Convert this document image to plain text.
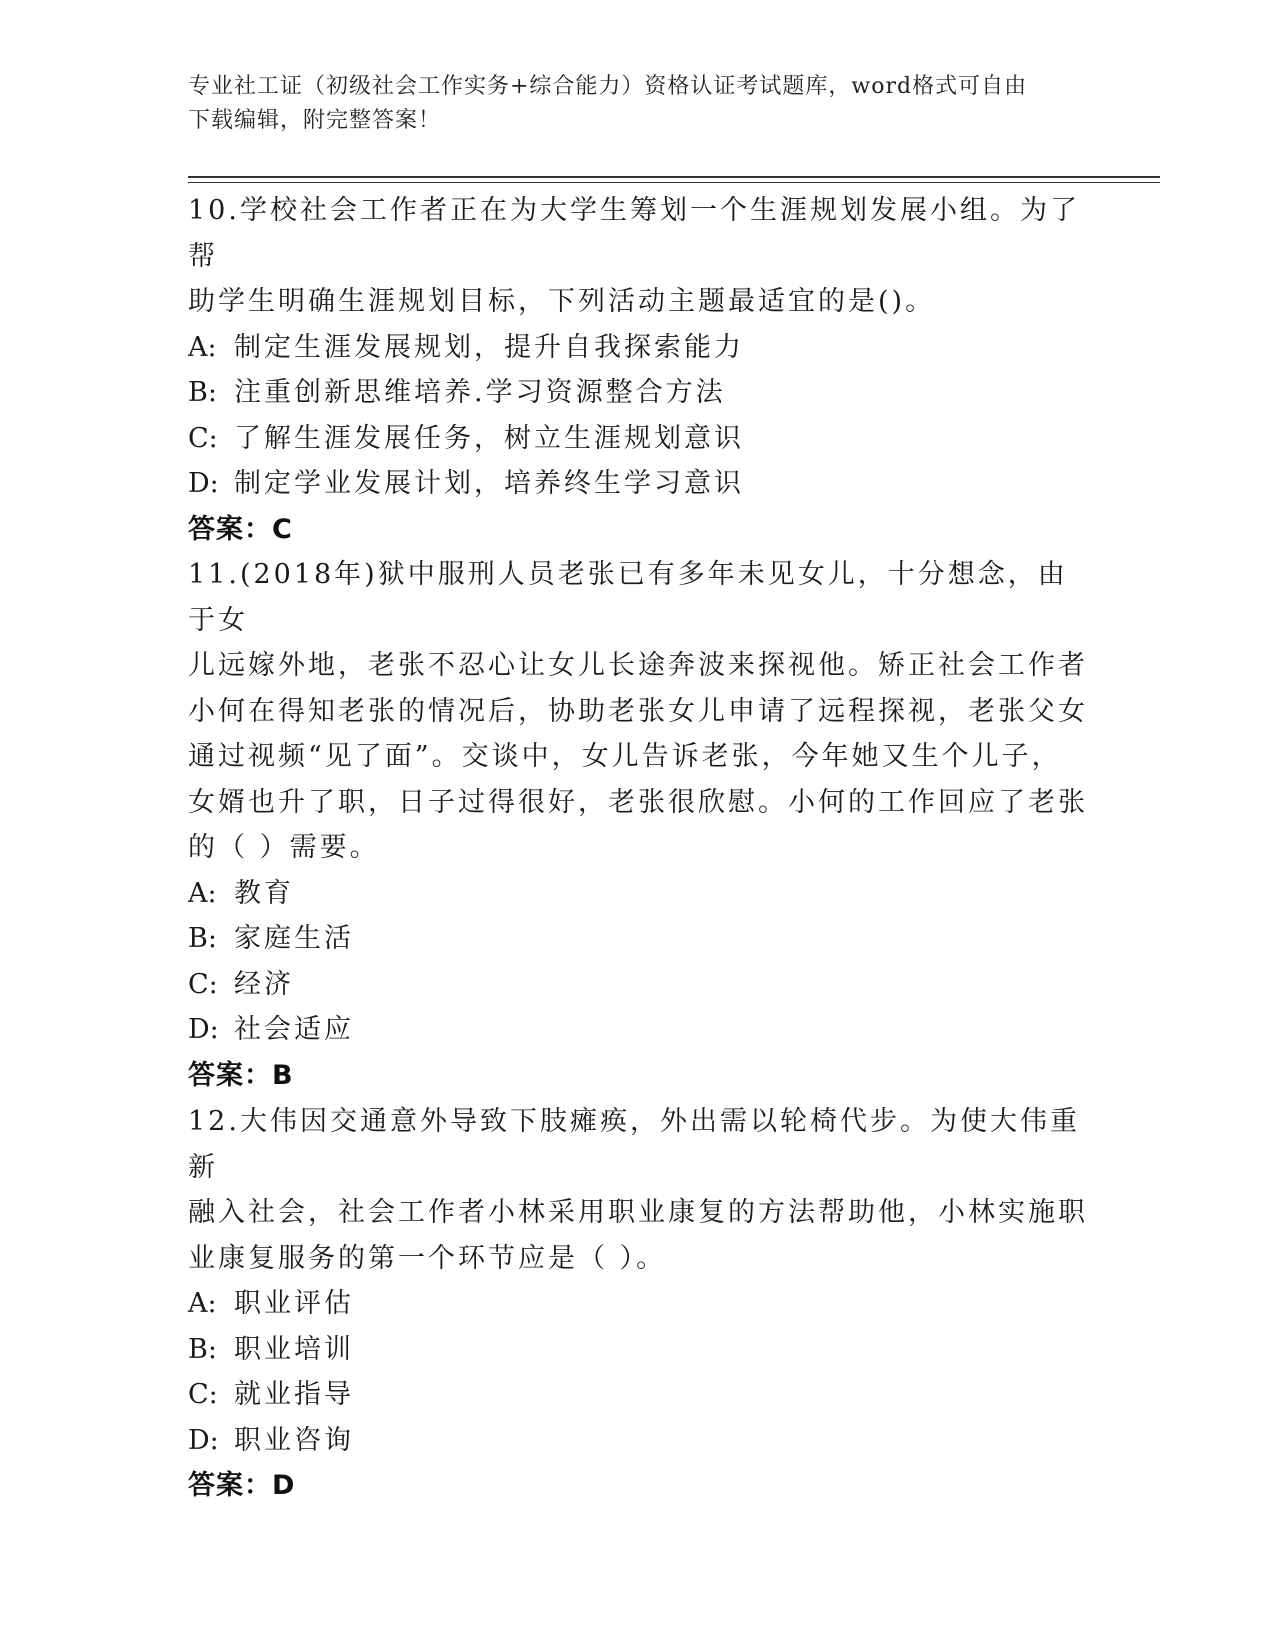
专业社工证（初级社会工作实务+综合能力）资格认证考试题库，word格式可自由
下载编辑，附完整答案！
10.学校社会工作者正在为大学生筹划一个生涯规划发展小组。为了帮
助学生明确生涯规划目标，下列活动主题最适宜的是()。
A: 制定生涯发展规划，提升自我探索能力
B: 注重创新思维培养.学习资源整合方法
C: 了解生涯发展任务，树立生涯规划意识
D: 制定学业发展计划，培养终生学习意识
答案：C
11.(2018年)狱中服刑人员老张已有多年未见女儿，十分想念，由于女
儿远嫁外地，老张不忍心让女儿长途奔波来探视他。矫正社会工作者
小何在得知老张的情况后，协助老张女儿申请了远程探视，老张父女
通过视频“见了面”。交谈中，女儿告诉老张，今年她又生个儿子，
女婿也升了职，日子过得很好，老张很欣慰。小何的工作回应了老张
的（ ）需要。
A: 教育
B: 家庭生活
C: 经济
D: 社会适应
答案：B
12.大伟因交通意外导致下肢瘫痪，外出需以轮椅代步。为使大伟重新
融入社会，社会工作者小林采用职业康复的方法帮助他，小林实施职
业康复服务的第一个环节应是（ ）。
A: 职业评估
B: 职业培训
C: 就业指导
D: 职业咨询
答案：D
